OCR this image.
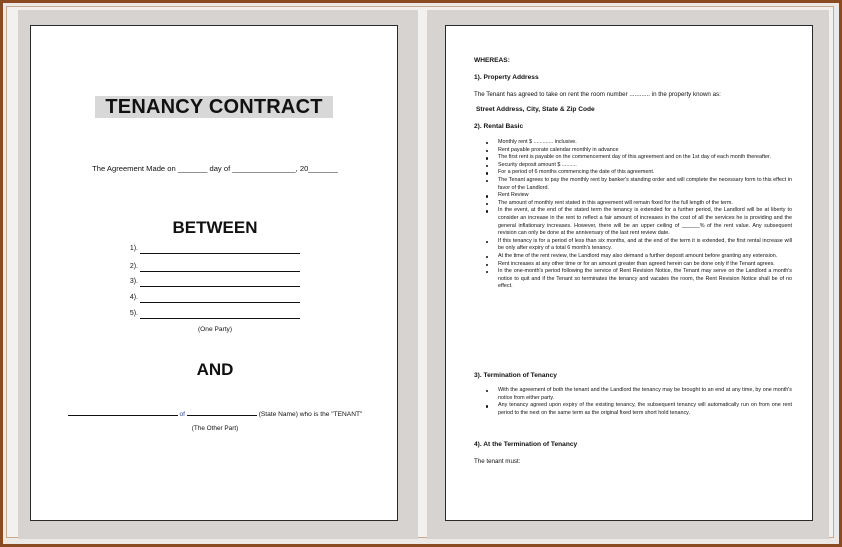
TENANCY CONTRACT
The Agreement Made on _______ day of _______________, 20_______
BETWEEN
1).
2).
3).
4).
5).
(One Party)
AND
of	(State Name) who is the "TENANT"
(The Other Part)
WHEREAS:
1). Property Address
The Tenant has agreed to take on rent the room number ............ in the property known as:
Street Address, City, State & Zip Code
2). Rental Basic
Monthly rent $ ............. inclusive.
Rent payable prorate calendar monthly in advance
The first rent is payable on the commencement day of this agreement and on the 1st day of each month thereafter.
Security deposit amount $ ..........
For a period of 6 months commencing the date of this agreement.
The Tenant agrees to pay the monthly rent by banker's standing order and will complete the necessary form to this effect in favor of the Landlord.
Rent Review
The amount of monthly rent stated in this agreement will remain fixed for the full length of the term.
In the event, at the end of the stated term the tenancy is extended for a further period, the Landlord will be at liberty to consider an increase in the rent to reflect a fair amount of increases in the cost of all the services he is providing and the general inflationary increases. However, there will be an upper ceiling of ______% of the rent value. Any subsequent revision can only be done at the anniversary of the last rent review date.
If this tenancy is for a period of less than six months, and at the end of the term it is extended, the first rental increase will be only after expiry of a total 6 month's tenancy.
At the time of the rent review, the Landlord may also demand a further deposit amount before granting any extension.
Rent increases at any other time or for an amount greater than agreed herein can be done only if the Tenant agrees.
In the one-month's period following the service of Rent Revision Notice, the Tenant may serve on the Landlord a month's notice to quit and if the Tenant so terminates the tenancy and vacates the room, the Rent Revision Notice shall be of no effect.
3). Termination of Tenancy
With the agreement of both the tenant and the Landlord the tenancy may be brought to an end at any time, by one month's notice from either party.
Any tenancy agreed upon expiry of the existing tenancy, the subsequent tenancy will automatically run on from one rent period to the next on the same term as the original fixed term short hold tenancy.
4). At the Termination of Tenancy
The tenant must:
